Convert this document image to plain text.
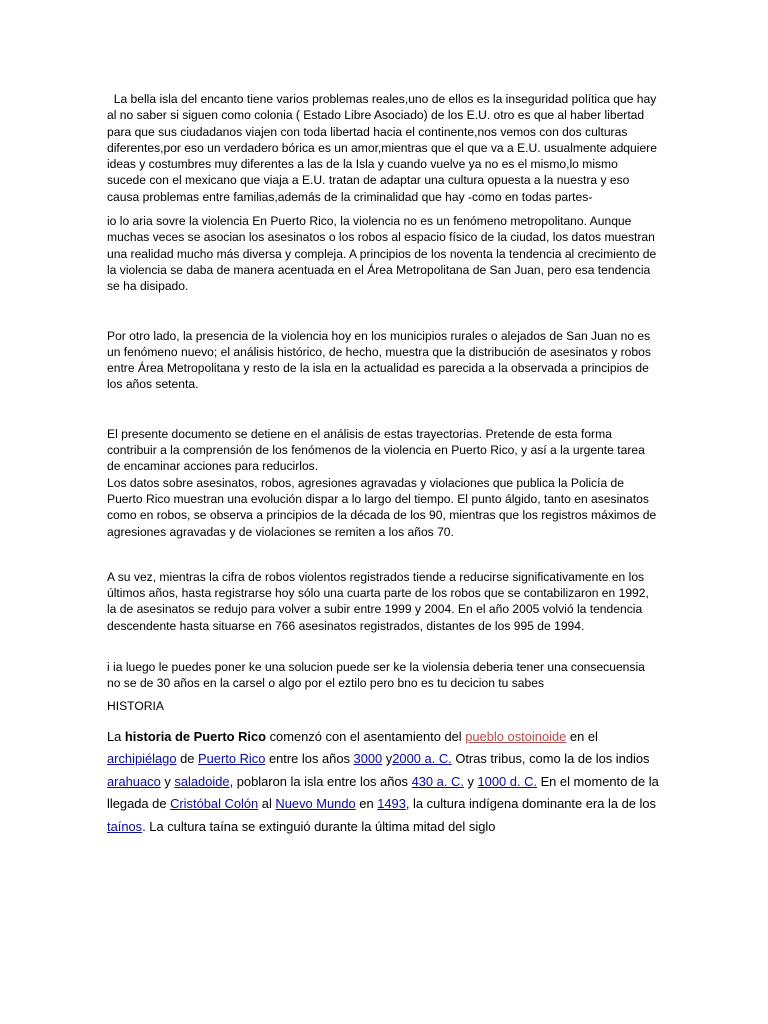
La bella isla del encanto tiene varios problemas reales,uno de ellos es la inseguridad política que hay al no saber si siguen como colonia ( Estado Libre Asociado) de los E.U. otro es que al haber libertad para que sus ciudadanos viajen con toda libertad hacia el continente,nos vemos con dos culturas diferentes,por eso un verdadero bórica es un amor,mientras que el que va a E.U. usualmente adquiere ideas y costumbres muy diferentes a las de la Isla y cuando vuelve ya no es el mismo,lo mismo sucede con el mexicano que viaja a E.U. tratan de adaptar una cultura opuesta a la nuestra y eso causa problemas entre familias,además de la criminalidad que hay -como en todas partes-

io lo aria sovre la violencia En Puerto Rico, la violencia no es un fenómeno metropolitano. Aunque muchas veces se asocian los asesinatos o los robos al espacio físico de la ciudad, los datos muestran una realidad mucho más diversa y compleja. A principios de los noventa la tendencia al crecimiento de la violencia se daba de manera acentuada en el Área Metropolitana de San Juan, pero esa tendencia se ha disipado.

Por otro lado, la presencia de la violencia hoy en los municipios rurales o alejados de San Juan no es un fenómeno nuevo; el análisis histórico, de hecho, muestra que la distribución de asesinatos y robos entre Área Metropolitana y resto de la isla en la actualidad es parecida a la observada a principios de los años setenta.

El presente documento se detiene en el análisis de estas trayectorias. Pretende de esta forma contribuir a la comprensión de los fenómenos de la violencia en Puerto Rico, y así a la urgente tarea de encaminar acciones para reducirlos.
Los datos sobre asesinatos, robos, agresiones agravadas y violaciones que publica la Policía de Puerto Rico muestran una evolución dispar a lo largo del tiempo. El punto álgido, tanto en asesinatos como en robos, se observa a principios de la década de los 90, mientras que los registros máximos de agresiones agravadas y de violaciones se remiten a los años 70.

A su vez, mientras la cifra de robos violentos registrados tiende a reducirse significativamente en los últimos años, hasta registrarse hoy sólo una cuarta parte de los robos que se contabilizaron en 1992, la de asesinatos se redujo para volver a subir entre 1999 y 2004. En el año 2005 volvió la tendencia descendente hasta situarse en 766 asesinatos registrados, distantes de los 995 de 1994.

i ia luego le puedes poner ke una solucion puede ser ke la violensia deberia tener una consecuensia no se de 30 años en la carsel o algo por el eztilo pero bno es tu decicion tu sabes

HISTORIA

La historia de Puerto Rico comenzó con el asentamiento del pueblo ostoinoide en el archipiélago de Puerto Rico entre los años 3000 y2000 a. C. Otras tribus, como la de los indios arahuaco y saladoide, poblaron la isla entre los años 430 a. C. y 1000 d. C. En el momento de la llegada de Cristóbal Colón al Nuevo Mundo en 1493, la cultura indígena dominante era la de los taínos. La cultura taína se extinguió durante la última mitad del siglo
